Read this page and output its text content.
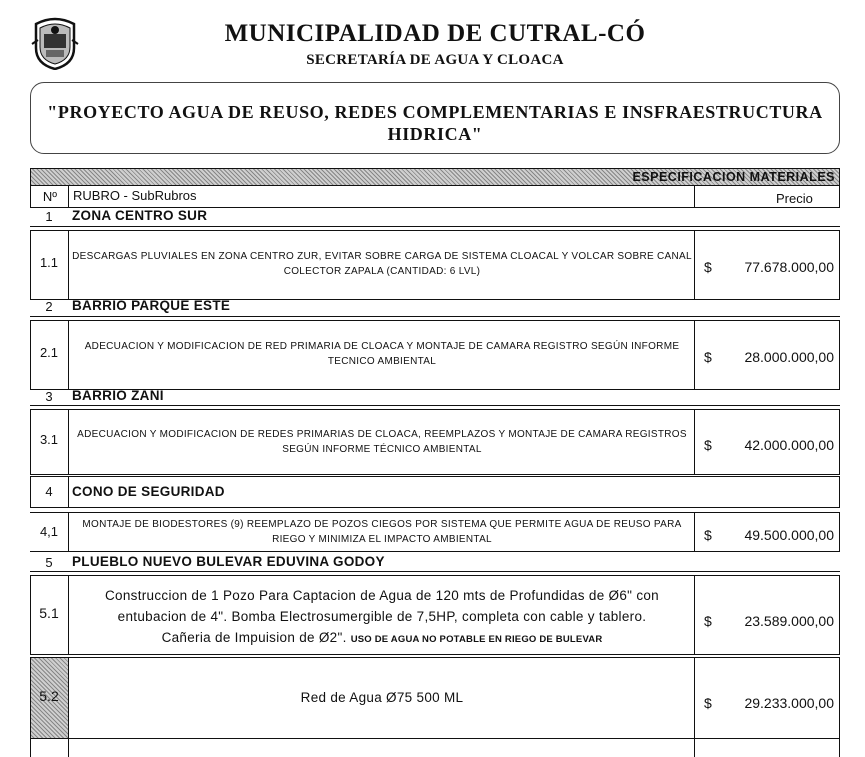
MUNICIPALIDAD DE CUTRAL-CÓ
SECRETARÍA DE AGUA Y CLOACA
"PROYECTO AGUA DE REUSO, REDES COMPLEMENTARIAS E INSFRAESTRUCTURA
HIDRICA"
ESPECIFICACION MATERIALES
Nº	RUBRO - SubRubros	Precio
1	ZONA CENTRO SUR
1.1	DESCARGAS PLUVIALES EN ZONA CENTRO ZUR, EVITAR SOBRE CARGA DE SISTEMA CLOACAL Y VOLCAR SOBRE CANAL
COLECTOR ZAPALA (CANTIDAD: 6 LVL)	$	77.678.000,00
2	BARRIO PARQUE ESTE
2.1	ADECUACION Y MODIFICACION DE RED PRIMARIA DE CLOACA Y MONTAJE DE CAMARA REGISTRO SEGÚN INFORME
TECNICO AMBIENTAL	$	28.000.000,00
3	BARRIO ZANI
3.1	ADECUACION Y MODIFICACION DE REDES PRIMARIAS DE CLOACA, REEMPLAZOS Y MONTAJE DE CAMARA REGISTROS
SEGÚN INFORME TÉCNICO AMBIENTAL	$	42.000.000,00
4	CONO DE SEGURIDAD
4,1	MONTAJE DE BIODESTORES (9) REEMPLAZO DE POZOS CIEGOS POR SISTEMA QUE PERMITE AGUA DE REUSO PARA
RIEGO Y MINIMIZA EL IMPACTO AMBIENTAL	$	49.500.000,00
5	PLUEBLO NUEVO BULEVAR EDUVINA GODOY
5.1
Construccion de 1 Pozo Para Captacion de Agua de 120 mts de Profundidas de Ø6" con
entubacion de 4". Bomba Electrosumergible de 7,5HP, completa con cable y tablero.
Cañeria de Impuision de Ø2". USO DE AGUA NO POTABLE EN RIEGO DE BULEVAR
$	23.589.000,00
5.2	Red de Agua Ø75 500 ML	$	29.233.000,00
